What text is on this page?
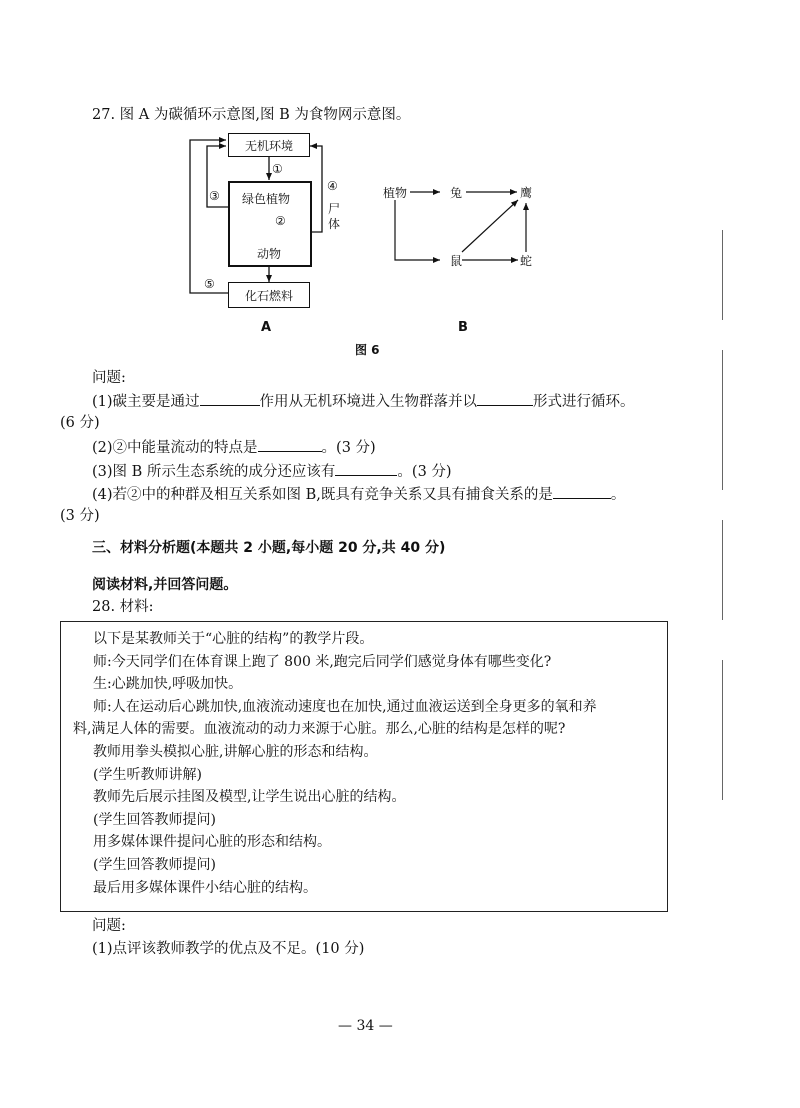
27. 图 A 为碳循环示意图,图 B 为食物网示意图。
无机环境
绿色植物
动物
化石燃料
①
②
③
④
尸
体
⑤
A
植物	兔	鹰
鼠	蛇
B
图 6
问题:
(1)碳主要是通过	作用从无机环境进入生物群落并以	形式进行循环。
(6 分)
(2)②中能量流动的特点是	。(3 分)
(3)图 B 所示生态系统的成分还应该有	。(3 分)
(4)若②中的种群及相互关系如图 B,既具有竞争关系又具有捕食关系的是	。
(3 分)
三、材料分析题(本题共 2 小题,每小题 20 分,共 40 分)
阅读材料,并回答问题。
28. 材料:
以下是某教师关于“心脏的结构”的教学片段。
师:今天同学们在体育课上跑了 800 米,跑完后同学们感觉身体有哪些变化?
生:心跳加快,呼吸加快。
师:人在运动后心跳加快,血液流动速度也在加快,通过血液运送到全身更多的氧和养
料,满足人体的需要。血液流动的动力来源于心脏。那么,心脏的结构是怎样的呢?
教师用拳头模拟心脏,讲解心脏的形态和结构。
(学生听教师讲解)
教师先后展示挂图及模型,让学生说出心脏的结构。
(学生回答教师提问)
用多媒体课件提问心脏的形态和结构。
(学生回答教师提问)
最后用多媒体课件小结心脏的结构。
问题:
(1)点评该教师教学的优点及不足。(10 分)
— 34 —
